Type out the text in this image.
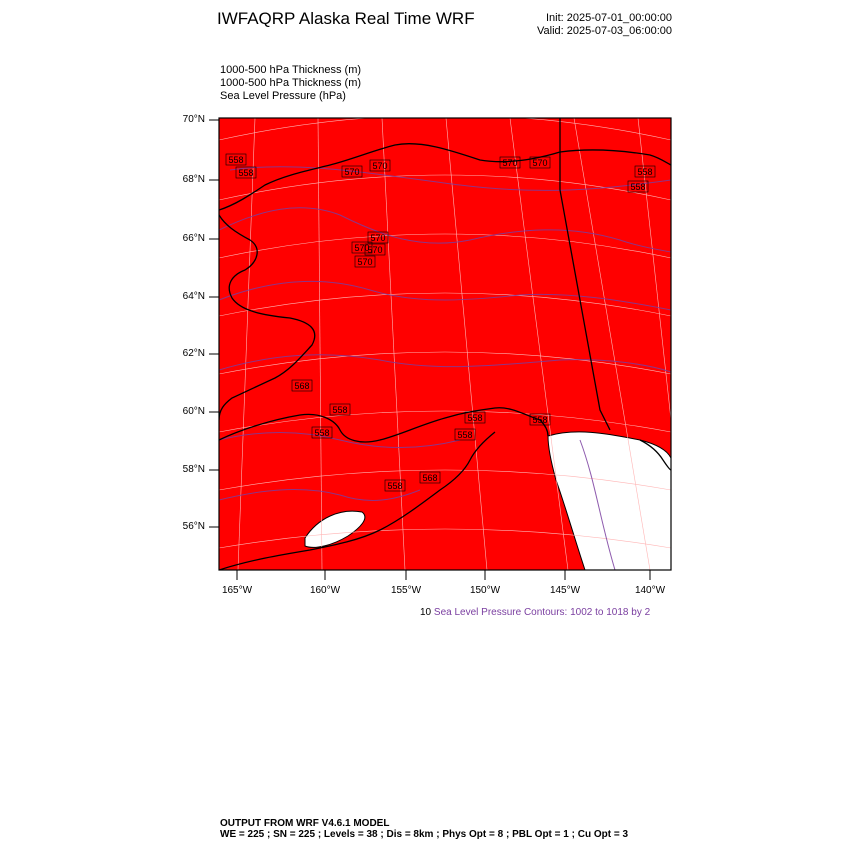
IWFAQRP Alaska Real Time WRF	Init: 2025-07-01_00:00:00
Valid: 2025-07-03_06:00:00
1000-500 hPa Thickness (m)
1000-500 hPa Thickness (m)
Sea Level Pressure (hPa)
558
558
570
570
570 570
570
570
558
558
570
570
568
558
558	558
558
568
558	558
70°N
68°N
66°N
64°N
62°N
60°N
58°N
56°N
165°W	160°W	155°W	150°W	145°W	140°W
10 Sea Level Pressure Contours: 1002 to 1018 by 2
OUTPUT FROM WRF V4.6.1 MODEL
WE = 225 ; SN = 225 ; Levels = 38 ; Dis = 8km ; Phys Opt = 8 ; PBL Opt = 1 ; Cu Opt = 3
